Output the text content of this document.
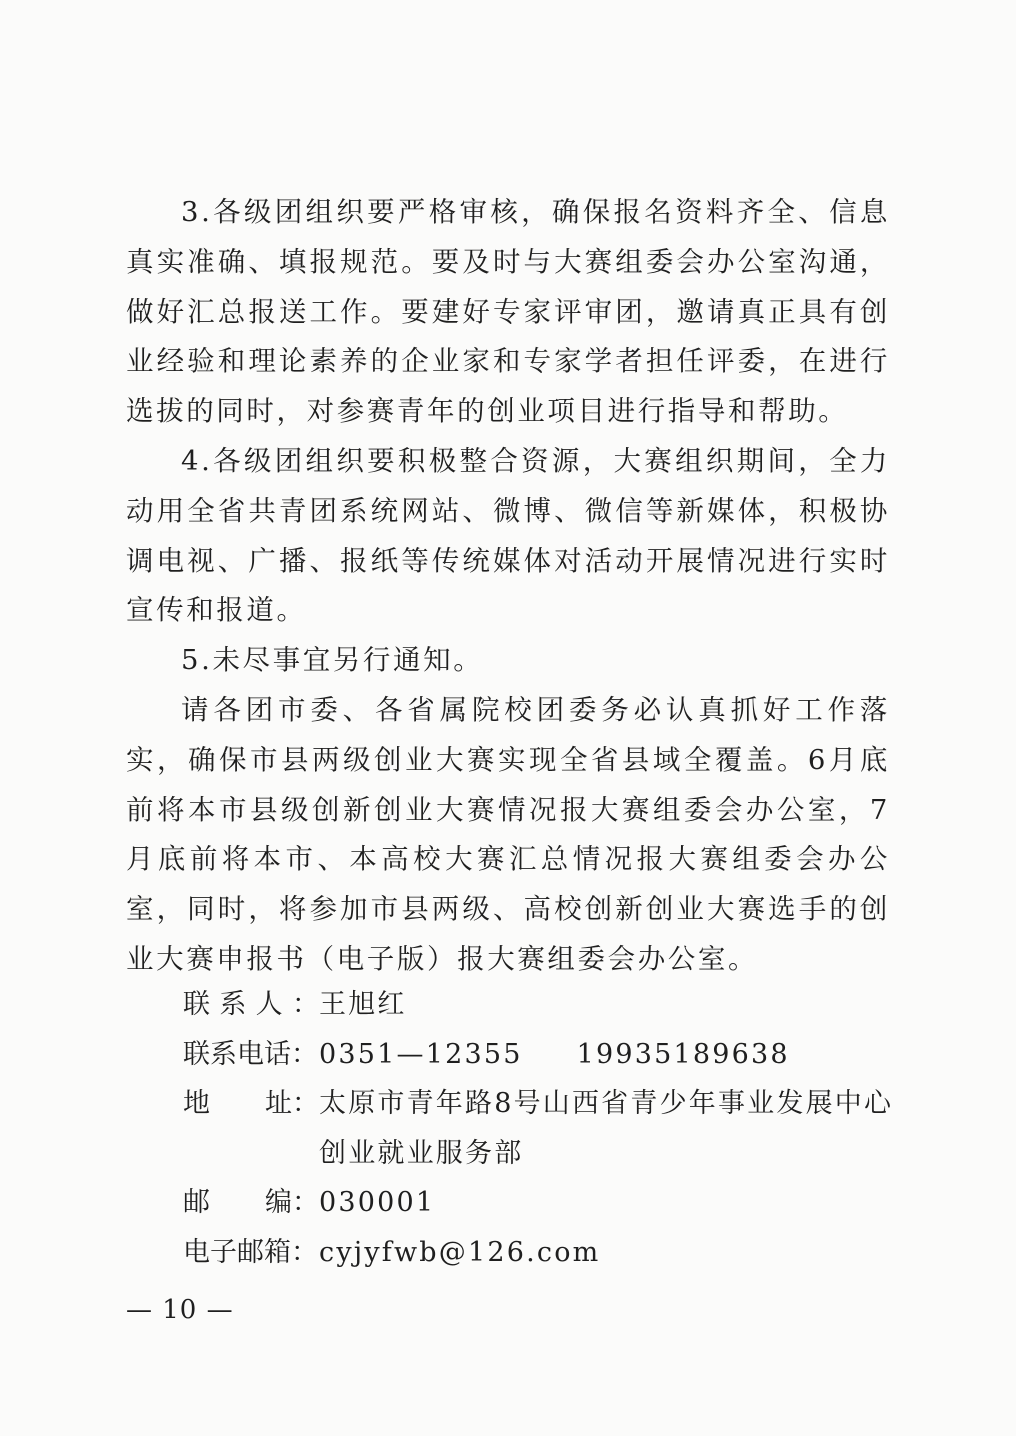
3.各级团组织要严格审核，确保报名资料齐全、信息真实准确、填报规范。要及时与大赛组委会办公室沟通，做好汇总报送工作。要建好专家评审团，邀请真正具有创业经验和理论素养的企业家和专家学者担任评委，在进行选拔的同时，对参赛青年的创业项目进行指导和帮助。

4.各级团组织要积极整合资源，大赛组织期间，全力动用全省共青团系统网站、微博、微信等新媒体，积极协调电视、广播、报纸等传统媒体对活动开展情况进行实时宣传和报道。

5.未尽事宜另行通知。

请各团市委、各省属院校团委务必认真抓好工作落实，确保市县两级创业大赛实现全省县域全覆盖。6月底前将本市县级创新创业大赛情况报大赛组委会办公室，7月底前将本市、本高校大赛汇总情况报大赛组委会办公室，同时，将参加市县两级、高校创新创业大赛选手的创业大赛申报书（电子版）报大赛组委会办公室。

联 系 人 ： 王旭红
联系电话： 0351—12355 19935189638
地 址： 太原市青年路8号山西省青少年事业发展中心
创业就业服务部
邮 编： 030001
电子邮箱： cyjyfwb@126.com
— 10 —
